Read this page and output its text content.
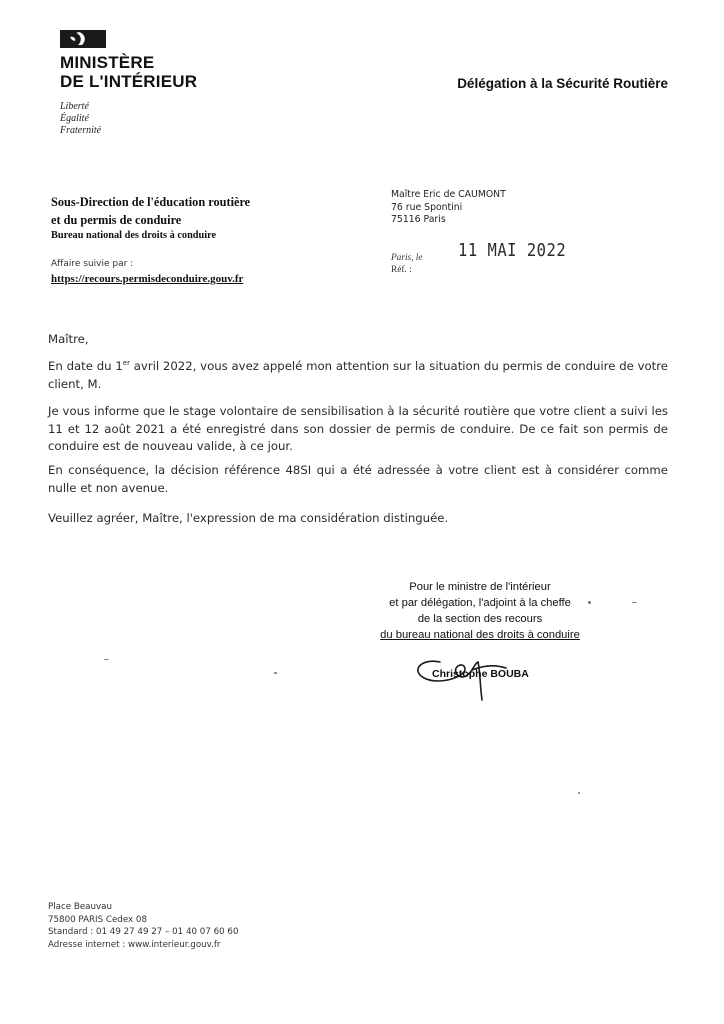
MINISTÈRE
DE L'INTÉRIEUR
Liberté
Égalité
Fraternité
Délégation à la Sécurité Routière
Sous-Direction de l'éducation routière
et du permis de conduire
Bureau national des droits à conduire
Affaire suivie par :
https://recours.permisdeconduire.gouv.fr
Maître Eric de CAUMONT
76 rue Spontini
75116 Paris
Paris, le 11 MAI 2022
Réf. :
Maître,
En date du 1er avril 2022, vous avez appelé mon attention sur la situation du permis de conduire de votre client, M.
Je vous informe que le stage volontaire de sensibilisation à la sécurité routière que votre client a suivi les 11 et 12 août 2021 a été enregistré dans son dossier de permis de conduire. De ce fait son permis de conduire est de nouveau valide, à ce jour.
En conséquence, la décision référence 48SI qui a été adressée à votre client est à considérer comme nulle et non avenue.
Veuillez agréer, Maître, l'expression de ma considération distinguée.
Pour le ministre de l'intérieur
et par délégation, l'adjoint à la cheffe
de la section des recours
du bureau national des droits à conduire
Christophe BOUBA
Place Beauvau
75800 PARIS Cedex 08
Standard : 01 49 27 49 27 – 01 40 07 60 60
Adresse internet : www.interieur.gouv.fr
